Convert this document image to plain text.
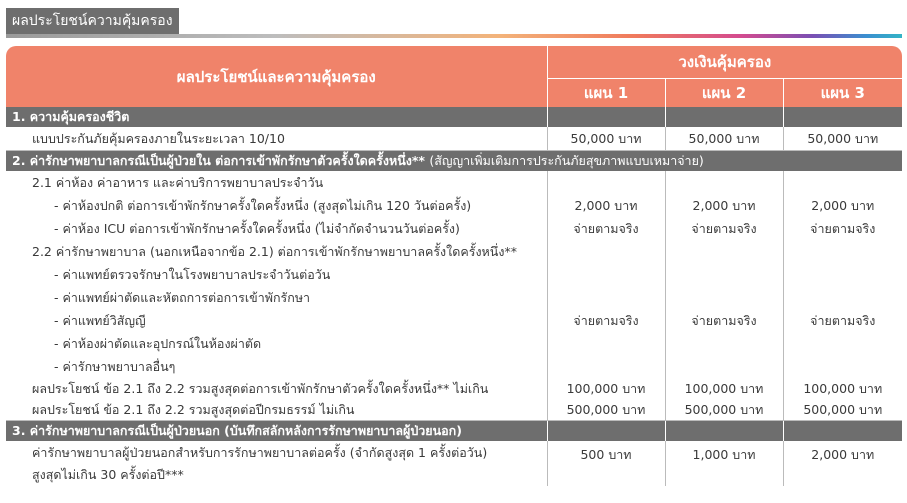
ผลประโยชน์ความคุ้มครอง
ผลประโยชน์และความคุ้มครอง	วงเงินคุ้มครอง		
	แผน 1	แผน 2	แผน 3
1. ความคุ้มครองชีวิต			
แบบประกันภัยคุ้มครองภายในระยะเวลา 10/10	50,000 บาท	50,000 บาท	50,000 บาท
2. ค่ารักษาพยาบาลกรณีเป็นผู้ป่วยใน ต่อการเข้าพักรักษาตัวครั้งใดครั้งหนึ่ง** (สัญญาเพิ่มเติมการประกันภัยสุขภาพแบบเหมาจ่าย)			
2.1 ค่าห้อง ค่าอาหาร และค่าบริการพยาบาลประจำวัน			
- ค่าห้องปกติ ต่อการเข้าพักรักษาครั้งใดครั้งหนึ่ง (สูงสุดไม่เกิน 120 วันต่อครั้ง)	2,000 บาท	2,000 บาท	2,000 บาท
- ค่าห้อง ICU ต่อการเข้าพักรักษาครั้งใดครั้งหนึ่ง (ไม่จำกัดจำนวนวันต่อครั้ง)	จ่ายตามจริง	จ่ายตามจริง	จ่ายตามจริง
2.2 ค่ารักษาพยาบาล (นอกเหนือจากข้อ 2.1) ต่อการเข้าพักรักษาพยาบาลครั้งใดครั้งหนึ่ง**			
- ค่าแพทย์ตรวจรักษาในโรงพยาบาลประจำวันต่อวัน	จ่ายตามจริง	จ่ายตามจริง	จ่ายตามจริง
- ค่าแพทย์ผ่าตัดและหัตถการต่อการเข้าพักรักษา			
- ค่าแพทย์วิสัญญี			
- ค่าห้องผ่าตัดและอุปกรณ์ในห้องผ่าตัด			
- ค่ารักษาพยาบาลอื่นๆ			
ผลประโยชน์ ข้อ 2.1 ถึง 2.2 รวมสูงสุดต่อการเข้าพักรักษาตัวครั้งใดครั้งหนึ่ง** ไม่เกิน	100,000 บาท	100,000 บาท	100,000 บาท
ผลประโยชน์ ข้อ 2.1 ถึง 2.2 รวมสูงสุดต่อปีกรมธรรม์ ไม่เกิน	500,000 บาท	500,000 บาท	500,000 บาท
3. ค่ารักษาพยาบาลกรณีเป็นผู้ป่วยนอก (บันทึกสลักหลังการรักษาพยาบาลผู้ป่วยนอก)			
ค่ารักษาพยาบาลผู้ป่วยนอกสำหรับการรักษาพยาบาลต่อครั้ง (จำกัดสูงสุด 1 ครั้งต่อวัน)	500 บาท	1,000 บาท	2,000 บาท
สูงสุดไม่เกิน 30 ครั้งต่อปี***			
